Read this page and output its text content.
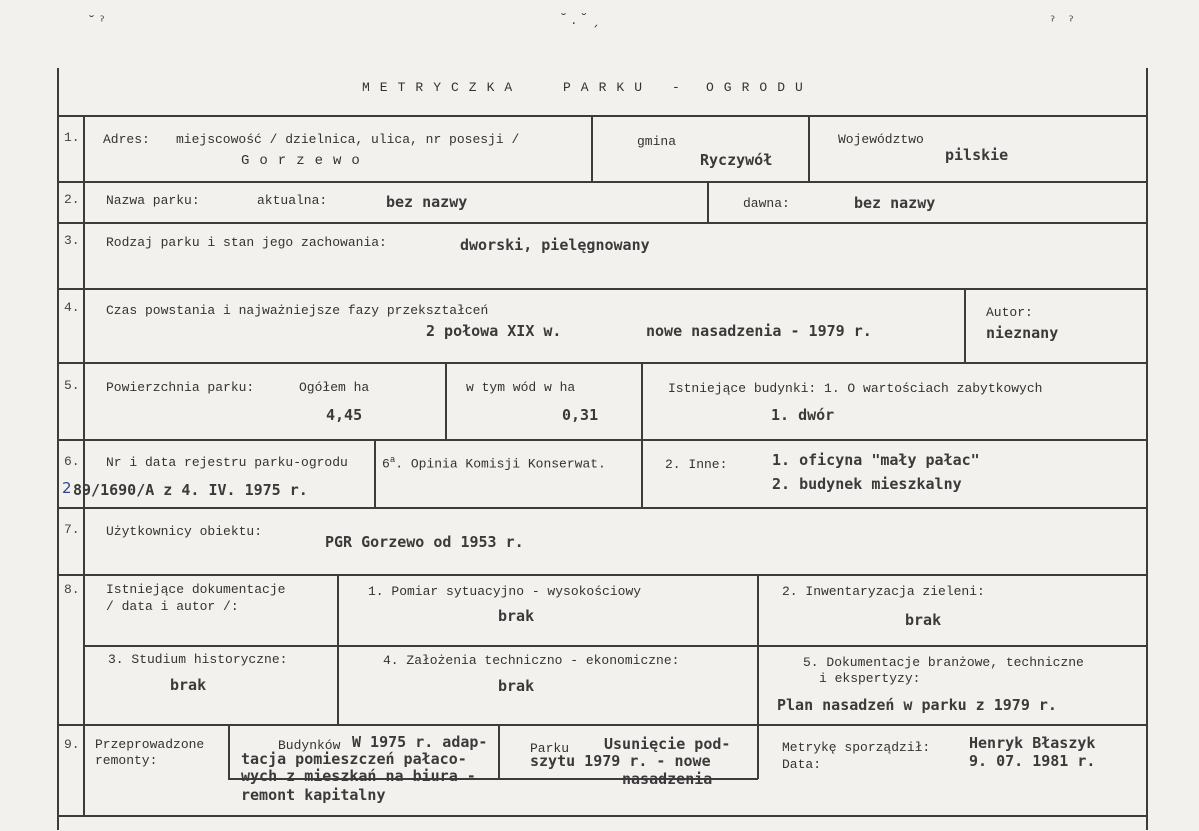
˘ ˀ	˘ . ˘ ˏ	ˀ   ˀ
METRYCZKA	PARKU - OGRODU
1. Adres: miejscowość / dzielnica, ulica, nr posesji /
Gorzewo
gmina
Ryczywół
Województwo
pilskie
2. Nazwa parku:	aktualna:	bez nazwy	dawna:	bez nazwy
3. Rodzaj parku i stan jego zachowania:	dworski, pielęgnowany
4. Czas powstania i najważniejsze fazy przekształceń
2 połowa XIX w.	nowe nasadzenia - 1979 r.
Autor:
nieznany
5. Powierzchnia parku:	Ogółem ha
4,45
w tym wód w ha
0,31
Istniejące budynki: 1. O wartościach zabytkowych
1. dwór
6. Nr i data rejestru parku-ogrodu
2 89/1690/A z 4. IV. 1975 r.
6$^a$. Opinia Komisji Konserwat.	2. Inne:	1. oficyna "mały pałac"
2. budynek mieszkalny
7. Użytkownicy obiektu:
PGR Gorzewo od 1953 r.
8. Istniejące dokumentacje
/ data i autor /:
1. Pomiar sytuacyjno - wysokościowy
brak
2. Inwentaryzacja zieleni:
brak
3. Studium historyczne:
brak
4. Założenia techniczno - ekonomiczne:
brak
5. Dokumentacje branżowe, techniczne
i ekspertyzy:
Plan nasadzeń w parku z 1979 r.
9. Przeprowadzone
remonty:
Budynków W 1975 r. adap-
tacja pomieszczeń pałaco-
wych z mieszkań na biura -
remont kapitalny
Parku Usunięcie pod-
szytu 1979 r. - nowe
nasadzenia
Metrykę sporządził:	Henryk Błaszyk
Data:	9. 07. 1981 r.
